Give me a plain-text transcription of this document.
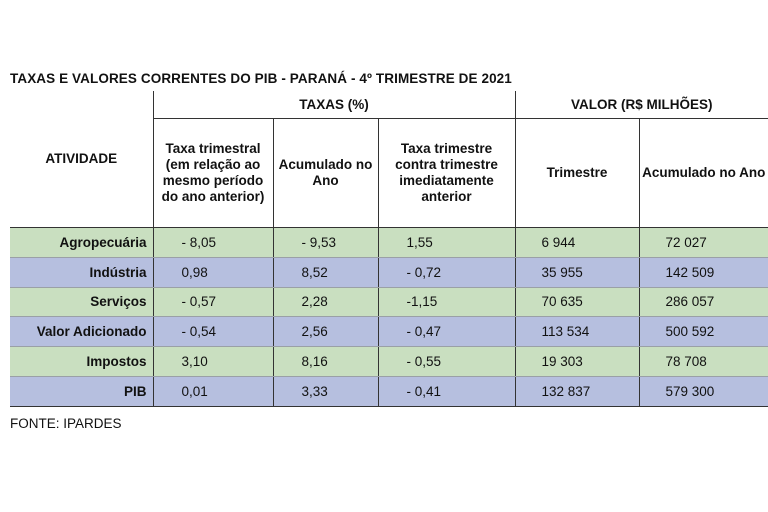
TAXAS E VALORES CORRENTES DO PIB - PARANÁ - 4º TRIMESTRE DE 2021
ATIVIDADE	TAXAS (%)			VALOR (R$ MILHÕES)	
	Taxa trimestral (em relação ao mesmo período do ano anterior)	Acumulado no Ano	Taxa trimestre contra trimestre imediatamente anterior	Trimestre	Acumulado no Ano
Agropecuária	- 8,05	- 9,53	1,55	6 944	72 027
Indústria	0,98	8,52	- 0,72	35 955	142 509
Serviços	- 0,57	2,28	-1,15	70 635	286 057
Valor Adicionado	- 0,54	2,56	- 0,47	113 534	500 592
Impostos	3,10	8,16	- 0,55	19 303	78 708
PIB	0,01	3,33	- 0,41	132 837	579 300
FONTE: IPARDES
